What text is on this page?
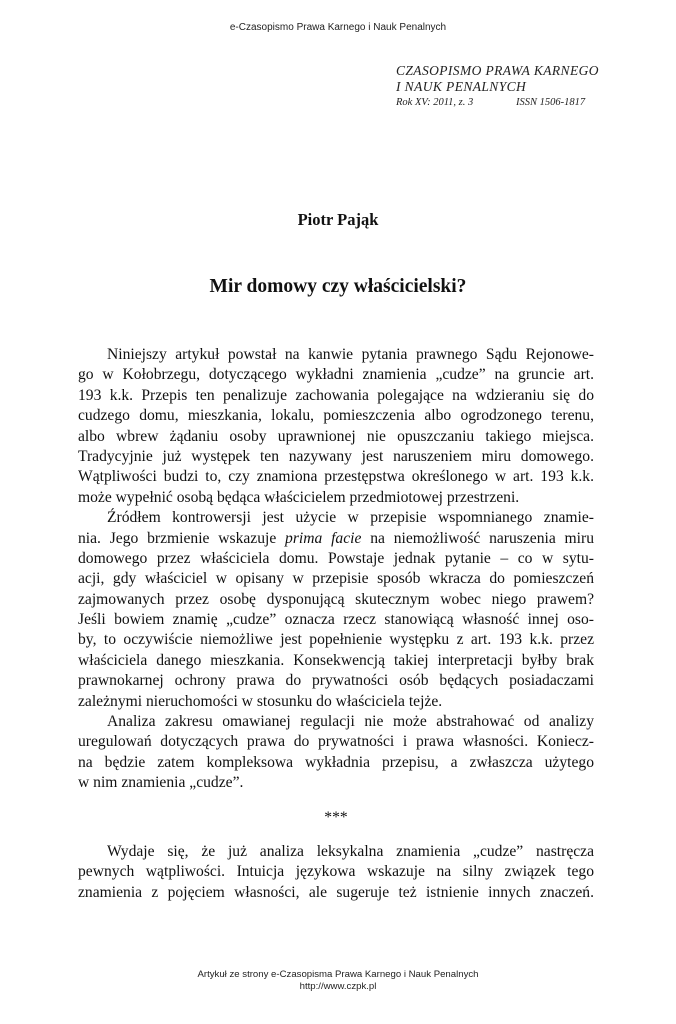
e-Czasopismo Prawa Karnego i Nauk Penalnych
CZASOPISMO PRAWA KARNEGO
I NAUK PENALNYCH
Rok XV: 2011, z. 3	ISSN 1506-1817
Piotr Pająk
Mir domowy czy właścicielski?
Niniejszy artykuł powstał na kanwie pytania prawnego Sądu Rejonowe-
go w Kołobrzegu, dotyczącego wykładni znamienia „cudze” na gruncie art.
193 k.k. Przepis ten penalizuje zachowania polegające na wdzieraniu się do
cudzego domu, mieszkania, lokalu, pomieszczenia albo ogrodzonego terenu,
albo wbrew żądaniu osoby uprawnionej nie opuszczaniu takiego miejsca.
Tradycyjnie już występek ten nazywany jest naruszeniem miru domowego.
Wątpliwości budzi to, czy znamiona przestępstwa określonego w art. 193 k.k.
może wypełnić osobą będąca właścicielem przedmiotowej przestrzeni.
Źródłem kontrowersji jest użycie w przepisie wspomnianego znamie-
nia. Jego brzmienie wskazuje prima facie na niemożliwość naruszenia miru
domowego przez właściciela domu. Powstaje jednak pytanie – co w sytu-
acji, gdy właściciel w opisany w przepisie sposób wkracza do pomieszczeń
zajmowanych przez osobę dysponującą skutecznym wobec niego prawem?
Jeśli bowiem znamię „cudze” oznacza rzecz stanowiącą własność innej oso-
by, to oczywiście niemożliwe jest popełnienie występku z art. 193 k.k. przez
właściciela danego mieszkania. Konsekwencją takiej interpretacji byłby brak
prawnokarnej ochrony prawa do prywatności osób będących posiadaczami
zależnymi nieruchomości w stosunku do właściciela tejże.
Analiza zakresu omawianej regulacji nie może abstrahować od analizy
uregulowań dotyczących prawa do prywatności i prawa własności. Koniecz-
na będzie zatem kompleksowa wykładnia przepisu, a zwłaszcza użytego
w nim znamienia „cudze”.
***
Wydaje się, że już analiza leksykalna znamienia „cudze” nastręcza
pewnych wątpliwości. Intuicja językowa wskazuje na silny związek tego
znamienia z pojęciem własności, ale sugeruje też istnienie innych znaczeń.
Artykuł ze strony e-Czasopisma Prawa Karnego i Nauk Penalnych
http://www.czpk.pl
